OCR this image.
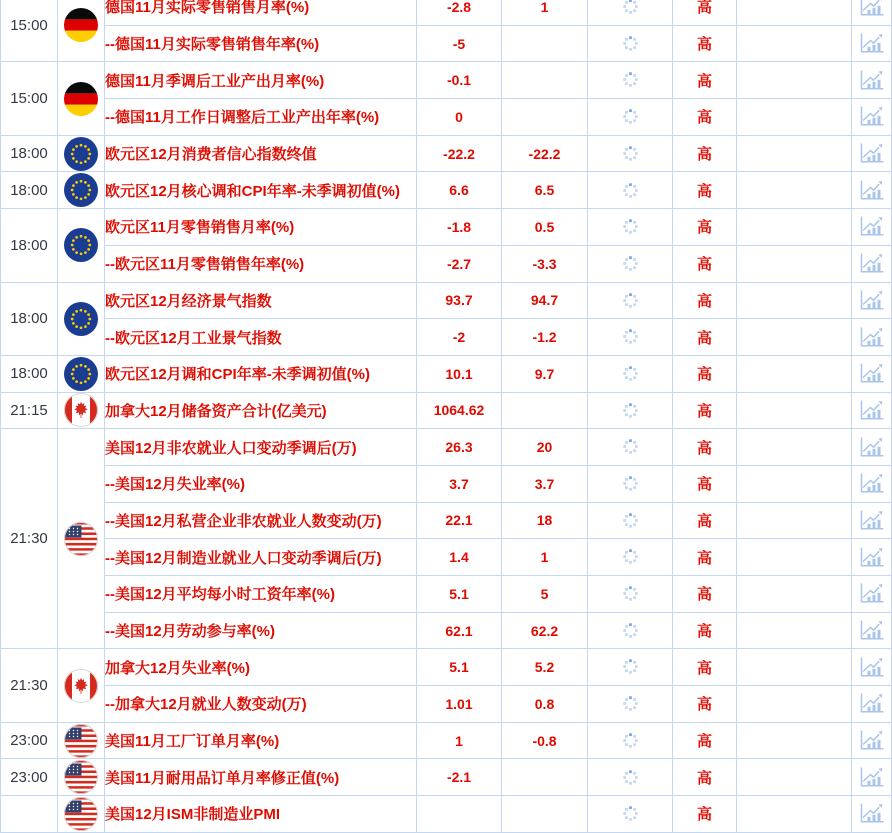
15:00		德国11月实际零售销售月率(%)	-2.8	1		高		
		--德国11月实际零售销售年率(%)	-5			高		
15:00		德国11月季调后工业产出月率(%)	-0.1			高		
		--德国11月工作日调整后工业产出年率(%)	0			高		
18:00		欧元区12月消费者信心指数终值	-22.2	-22.2		高		
18:00		欧元区12月核心调和CPI年率-未季调初值(%)	6.6	6.5		高		
18:00		欧元区11月零售销售月率(%)	-1.8	0.5		高		
		--欧元区11月零售销售年率(%)	-2.7	-3.3		高		
18:00		欧元区12月经济景气指数	93.7	94.7		高		
		--欧元区12月工业景气指数	-2	-1.2		高		
18:00		欧元区12月调和CPI年率-未季调初值(%)	10.1	9.7		高		
21:15		加拿大12月储备资产合计(亿美元)	1064.62			高		
21:30		美国12月非农就业人口变动季调后(万)	26.3	20		高		
		--美国12月失业率(%)	3.7	3.7		高		
		--美国12月私营企业非农就业人数变动(万)	22.1	18		高		
		--美国12月制造业就业人口变动季调后(万)	1.4	1		高		
		--美国12月平均每小时工资年率(%)	5.1	5		高		
		--美国12月劳动参与率(%)	62.1	62.2		高		
21:30		加拿大12月失业率(%)	5.1	5.2		高		
		--加拿大12月就业人数变动(万)	1.01	0.8		高		
23:00		美国11月工厂订单月率(%)	1	-0.8		高		
23:00		美国11月耐用品订单月率修正值(%)	-2.1			高		
		美国12月ISM非制造业PMI				高		
